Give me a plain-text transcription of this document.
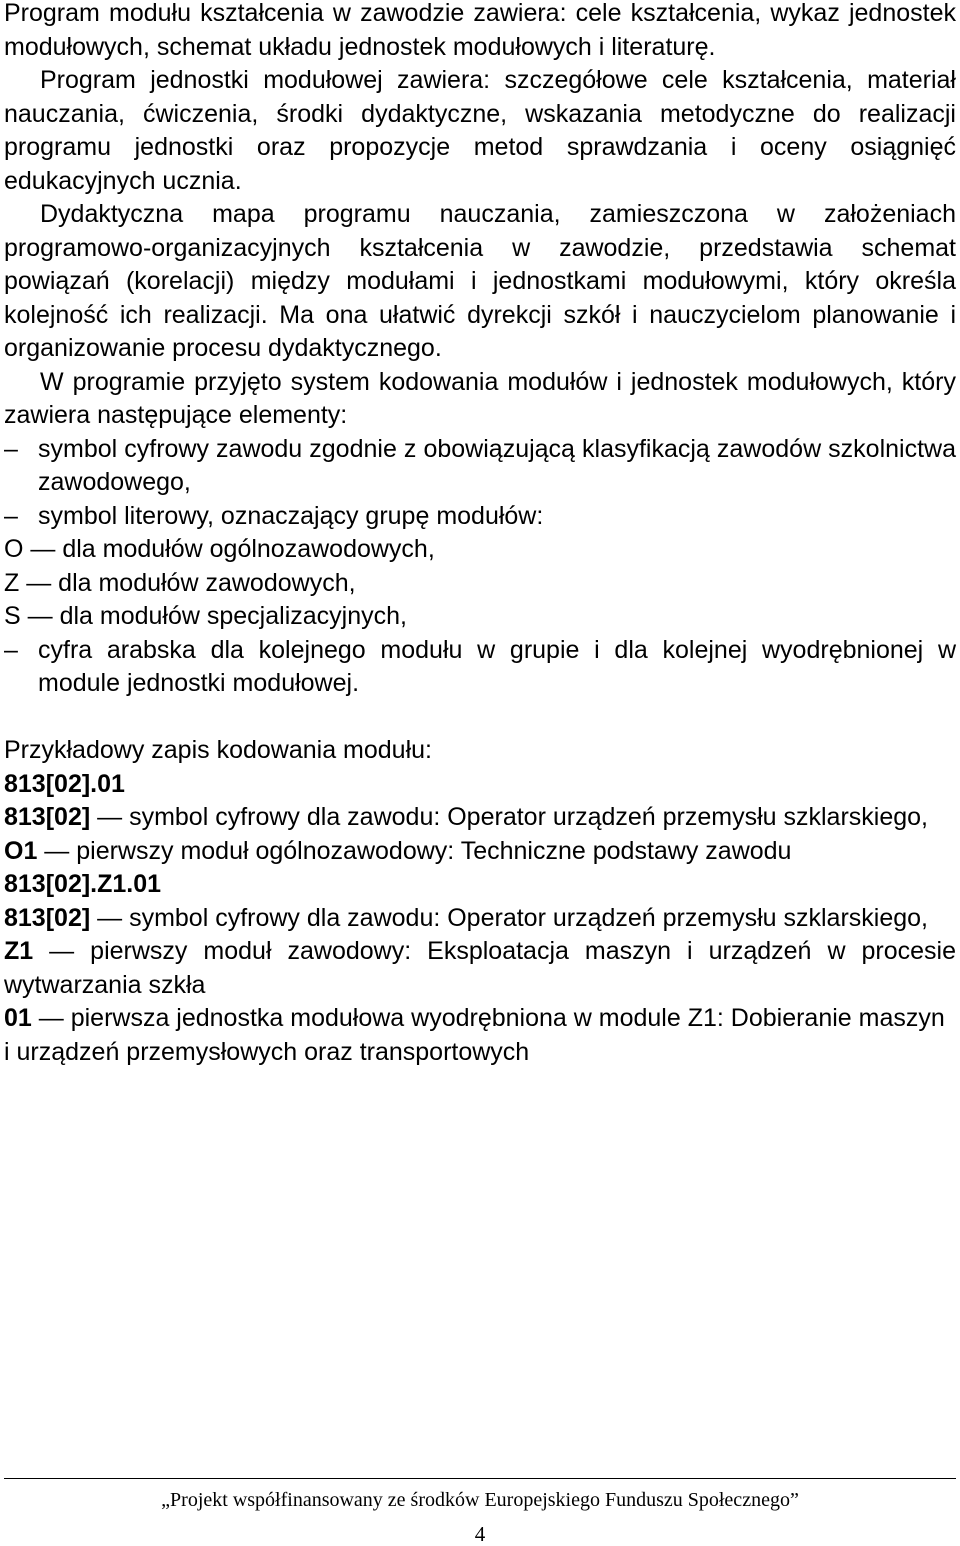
Program modułu kształcenia w zawodzie zawiera: cele kształcenia, wykaz jednostek modułowych, schemat układu jednostek modułowych i literaturę.

Program jednostki modułowej zawiera: szczegółowe cele kształcenia, materiał nauczania, ćwiczenia, środki dydaktyczne, wskazania metodyczne do realizacji programu jednostki oraz propozycje metod sprawdzania i oceny osiągnięć edukacyjnych ucznia.

Dydaktyczna mapa programu nauczania, zamieszczona w założeniach programowo-organizacyjnych kształcenia w zawodzie, przedstawia schemat powiązań (korelacji) między modułami i jednostkami modułowymi, który określa kolejność ich realizacji. Ma ona ułatwić dyrekcji szkół i nauczycielom planowanie i organizowanie procesu dydaktycznego.

W programie przyjęto system kodowania modułów i jednostek modułowych, który zawiera następujące elementy:

– symbol cyfrowy zawodu zgodnie z obowiązującą klasyfikacją zawodów szkolnictwa zawodowego,
– symbol literowy, oznaczający grupę modułów:

O — dla modułów ogólnozawodowych,

Z — dla modułów zawodowych,

S — dla modułów specjalizacyjnych,

– cyfra arabska dla kolejnego modułu w grupie i dla kolejnej wyodrębnionej w module jednostki modułowej.

Przykładowy zapis kodowania modułu:

813[02].01

813[02] — symbol cyfrowy dla zawodu: Operator urządzeń przemysłu szklarskiego,

O1 — pierwszy moduł ogólnozawodowy: Techniczne podstawy zawodu

813[02].Z1.01

813[02] — symbol cyfrowy dla zawodu: Operator urządzeń przemysłu szklarskiego,

Z1 — pierwszy moduł zawodowy: Eksploatacja maszyn i urządzeń w procesie wytwarzania szkła

01 — pierwsza jednostka modułowa wyodrębniona w module Z1: Dobieranie maszyn i urządzeń przemysłowych oraz transportowych

„Projekt współfinansowany ze środków Europejskiego Funduszu Społecznego”
4
